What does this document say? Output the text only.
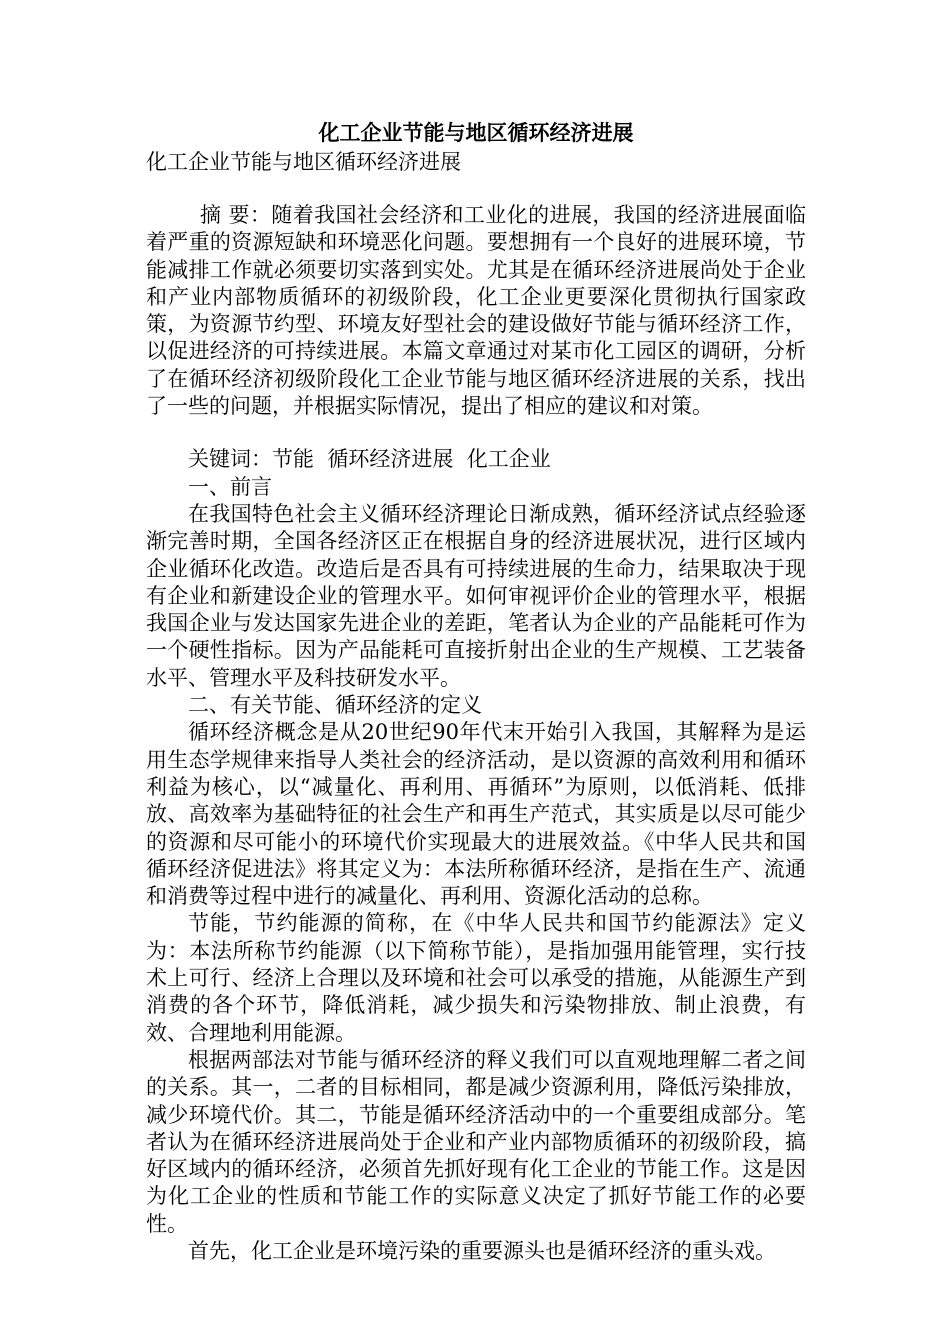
化工企业节能与地区循环经济进展

化工企业节能与地区循环经济进展

摘 要：随着我国社会经济和工业化的进展，我国的经济进展面临着严重的资源短缺和环境恶化问题。要想拥有一个良好的进展环境，节能减排工作就必须要切实落到实处。尤其是在循环经济进展尚处于企业和产业内部物质循环的初级阶段，化工企业更要深化贯彻执行国家政策，为资源节约型、环境友好型社会的建设做好节能与循环经济工作，以促进经济的可持续进展。本篇文章通过对某市化工园区的调研，分析了在循环经济初级阶段化工企业节能与地区循环经济进展的关系，找出了一些的问题，并根据实际情况，提出了相应的建议和对策。

关键词：节能  循环经济进展  化工企业

一、前言

在我国特色社会主义循环经济理论日渐成熟，循环经济试点经验逐渐完善时期，全国各经济区正在根据自身的经济进展状况，进行区域内企业循环化改造。改造后是否具有可持续进展的生命力，结果取决于现有企业和新建设企业的管理水平。如何审视评价企业的管理水平，根据我国企业与发达国家先进企业的差距，笔者认为企业的产品能耗可作为一个硬性指标。因为产品能耗可直接折射出企业的生产规模、工艺装备水平、管理水平及科技研发水平。

二、有关节能、循环经济的定义

循环经济概念是从20世纪90年代末开始引入我国，其解释为是运用生态学规律来指导人类社会的经济活动，是以资源的高效利用和循环利益为核心，以“减量化、再利用、再循环”为原则，以低消耗、低排放、高效率为基础特征的社会生产和再生产范式，其实质是以尽可能少的资源和尽可能小的环境代价实现最大的进展效益。《中华人民共和国循环经济促进法》将其定义为：本法所称循环经济，是指在生产、流通和消费等过程中进行的减量化、再利用、资源化活动的总称。

节能，节约能源的简称，在《中华人民共和国节约能源法》定义为：本法所称节约能源（以下简称节能），是指加强用能管理，实行技术上可行、经济上合理以及环境和社会可以承受的措施，从能源生产到消费的各个环节，降低消耗，减少损失和污染物排放、制止浪费，有效、合理地利用能源。

根据两部法对节能与循环经济的释义我们可以直观地理解二者之间的关系。其一，二者的目标相同，都是减少资源利用，降低污染排放，减少环境代价。其二，节能是循环经济活动中的一个重要组成部分。笔者认为在循环经济进展尚处于企业和产业内部物质循环的初级阶段，搞好区域内的循环经济，必须首先抓好现有化工企业的节能工作。这是因为化工企业的性质和节能工作的实际意义决定了抓好节能工作的必要性。

首先，化工企业是环境污染的重要源头也是循环经济的重头戏。
